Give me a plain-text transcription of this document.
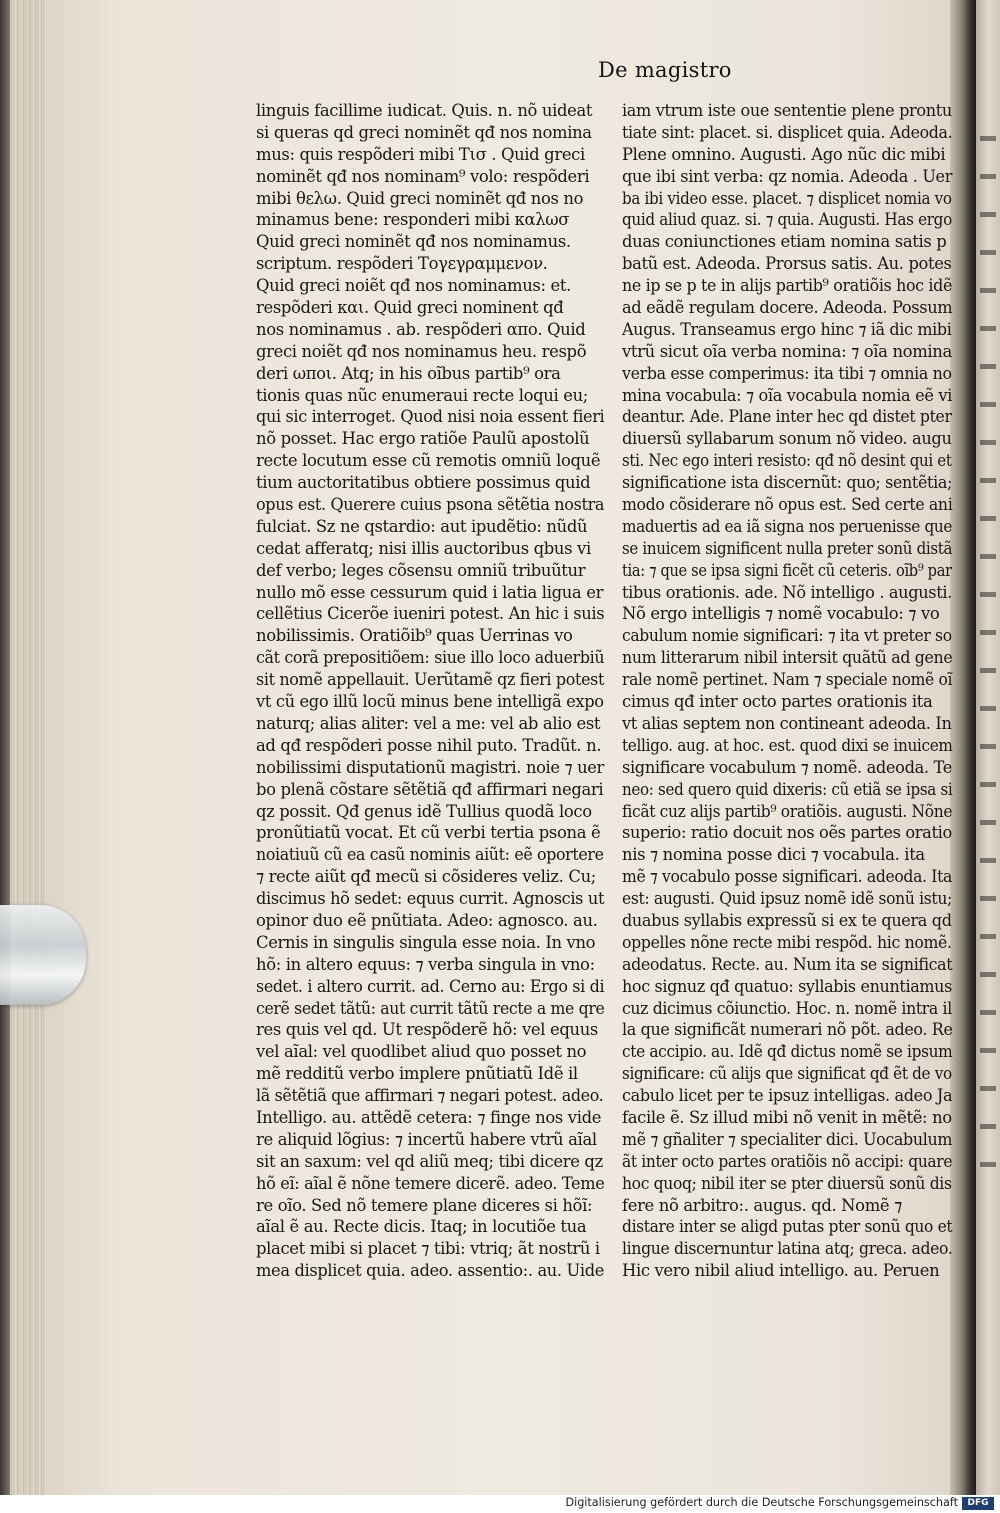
De magistro
linguis facillime iudicat. Quis. n. nõ uideat
si queras qd greci nominẽt qđ nos nomina
mus: quis respõderi mibi Τισ . Quid greci
nominẽt qđ nos nominam⁹ volo: respõderi
mibi θελω. Quid greci nominẽt qđ nos no
minamus bene: responderi mibi καλωσ
Quid greci nominẽt qđ nos nominamus.
scriptum. respõderi Τογεγραμμενον.
Quid greci noiẽt qđ nos nominamus: et.
respõderi και. Quid greci nominent qđ
nos nominamus . ab. respõderi απο. Quid
greci noiẽt qđ nos nominamus heu. respõ
deri ωποι. Atq; in his oĩbus partib⁹ ora
tionis quas nũc enumeraui recte loqui eu;
qui sic interroget. Quod nisi noia essent fieri
nõ posset. Hac ergo ratiõe Paulũ apostolũ
recte locutum esse cũ remotis omniũ loquẽ
tium auctoritatibus obtiere possimus quid
opus est. Querere cuius psona sẽtẽtia nostra
fulciat. Sz ne qstardio: aut ipudẽtio: nũdũ
cedat afferatq; nisi illis auctoribus qbus vi
def verbo; leges cõsensu omniũ tribuũtur
nullo mõ esse cessurum quid i latia ligua er
cellẽtius Cicerõe iueniri potest. An hic i suis
nobilissimis. Oratiõib⁹ quas Uerrinas vo
cãt corã prepositiõem: siue illo loco aduerbiũ
sit nomẽ appellauit. Uerũtamẽ qz fieri potest
vt cũ ego illũ locũ minus bene intelligã expo
naturq; alias aliter: vel a me: vel ab alio est
ad qđ respõderi posse nihil puto. Tradũt. n.
nobilissimi disputationũ magistri. noie ⁊ uer
bo plenã cõstare sẽtẽtiã qđ affirmari negari
qz possit. Qđ genus idẽ Tullius quodã loco
pronũtiatũ vocat. Et cũ verbi tertia psona ẽ
noiatiuũ cũ ea casũ nominis aiũt: eẽ oportere
⁊ recte aiũt qđ mecũ si cõsideres veliz. Cu;
discimus hõ sedet: equus currit. Agnoscis ut
opinor duo eẽ pnũtiata. Adeo: agnosco. au.
Cernis in singulis singula esse noia. In vno
hõ: in altero equus: ⁊ verba singula in vno:
sedet. i altero currit. ad. Cerno au: Ergo si di
cerẽ sedet tãtũ: aut currit tãtũ recte a me qre
res quis vel qd. Ut respõderẽ hõ: vel equus
vel aĩal: vel quodlibet aliud quo posset no
mẽ redditũ verbo implere pnũtiatũ Idẽ il
lã sẽtẽtiã que affirmari ⁊ negari potest. adeo.
Intelligo. au. attẽdẽ cetera: ⁊ finge nos vide
re aliquid lõgius: ⁊ incertũ habere vtrũ aĩal
sit an saxum: vel qd aliũ meq; tibi dicere qz
hõ eĩ: aĩal ẽ nõne temere dicerẽ. adeo. Teme
re oĩo. Sed nõ temere plane diceres si hõĩ:
aĩal ẽ au. Recte dicis. Itaq; in locutiõe tua
placet mibi si placet ⁊ tibi: vtriq; ãt nostrũ i
mea displicet quia. adeo. assentio:. au. Uide
iam vtrum iste oue sententie plene prontu
tiate sint: placet. si. displicet quia. Adeoda.
Plene omnino. Augusti. Ago nũc dic mibi
que ibi sint verba: qz nomia. Adeoda . Uer
ba ibi video esse. placet. ⁊ displicet nomia vo
quid aliud quaz. si. ⁊ quia. Augusti. Has ergo
duas coniunctiones etiam nomina satis p
batũ est. Adeoda. Prorsus satis. Au. potes
ne ip se p te in alijs partib⁹ oratiõis hoc idẽ
ad eãdẽ regulam docere. Adeoda. Possum
Augus. Transeamus ergo hinc ⁊ iã dic mibi
vtrũ sicut oĩa verba nomina: ⁊ oĩa nomina
verba esse comperimus: ita tibi ⁊ omnia no
mina vocabula: ⁊ oĩa vocabula nomia eẽ vi
deantur. Ade. Plane inter hec qd distet pter
diuersũ syllabarum sonum nõ video. augu
sti. Nec ego interi resisto: qđ nõ desint qui et
significatione ista discernũt: quo; sentẽtia;
modo cõsiderare nõ opus est. Sed certe ani
maduertis ad ea iã signa nos peruenisse que
se inuicem significent nulla preter sonũ distã
tia: ⁊ que se ipsa signi ficẽt cũ ceteris. oĩb⁹ par
tibus orationis. ade. Nõ intelligo . augusti.
Nõ ergo intelligis ⁊ nomẽ vocabulo: ⁊ vo
cabulum nomie significari: ⁊ ita vt preter so
num litterarum nibil intersit quãtũ ad gene
rale nomẽ pertinet. Nam ⁊ speciale nomẽ oĩ
cimus qđ inter octo partes orationis ita
vt alias septem non contineant adeoda. In
telligo. aug. at hoc. est. quod dixi se inuicem
significare vocabulum ⁊ nomẽ. adeoda. Te
neo: sed quero quid dixeris: cũ etiã se ipsa si
ficãt cuz alijs partib⁹ oratiõis. augusti. Nõne
superio: ratio docuit nos oẽs partes oratio
nis ⁊ nomina posse dici ⁊ vocabula. ita
mẽ ⁊ vocabulo posse significari. adeoda. Ita
est: augusti. Quid ipsuz nomẽ idẽ sonũ istu;
duabus syllabis expressũ si ex te quera qd
oppelles nõne recte mibi respõd. hic nomẽ.
adeodatus. Recte. au. Num ita se significat
hoc signuz qđ quatuo: syllabis enuntiamus
cuz dicimus cõiunctio. Hoc. n. nomẽ intra il
la que significãt numerari nõ põt. adeo. Re
cte accipio. au. Idẽ qđ dictus nomẽ se ipsum
significare: cũ alijs que significat qđ ẽt de vo
cabulo licet per te ipsuz intelligas. adeo Ja
facile ẽ. Sz illud mibi nõ venit in mẽtẽ: no
mẽ ⁊ gñaliter ⁊ specialiter dici. Uocabulum
ãt inter octo partes oratiõis nõ accipi: quare
hoc quoq; nibil iter se pter diuersũ sonũ dis
fere nõ arbitro:. augus. qd. Nomẽ ⁊
distare inter se aligd putas pter sonũ quo et
lingue discernuntur latina atq; greca. adeo.
Hic vero nibil aliud intelligo. au. Peruen
Digitalisierung gefördert durch die Deutsche Forschungsgemeinschaft	DFG
